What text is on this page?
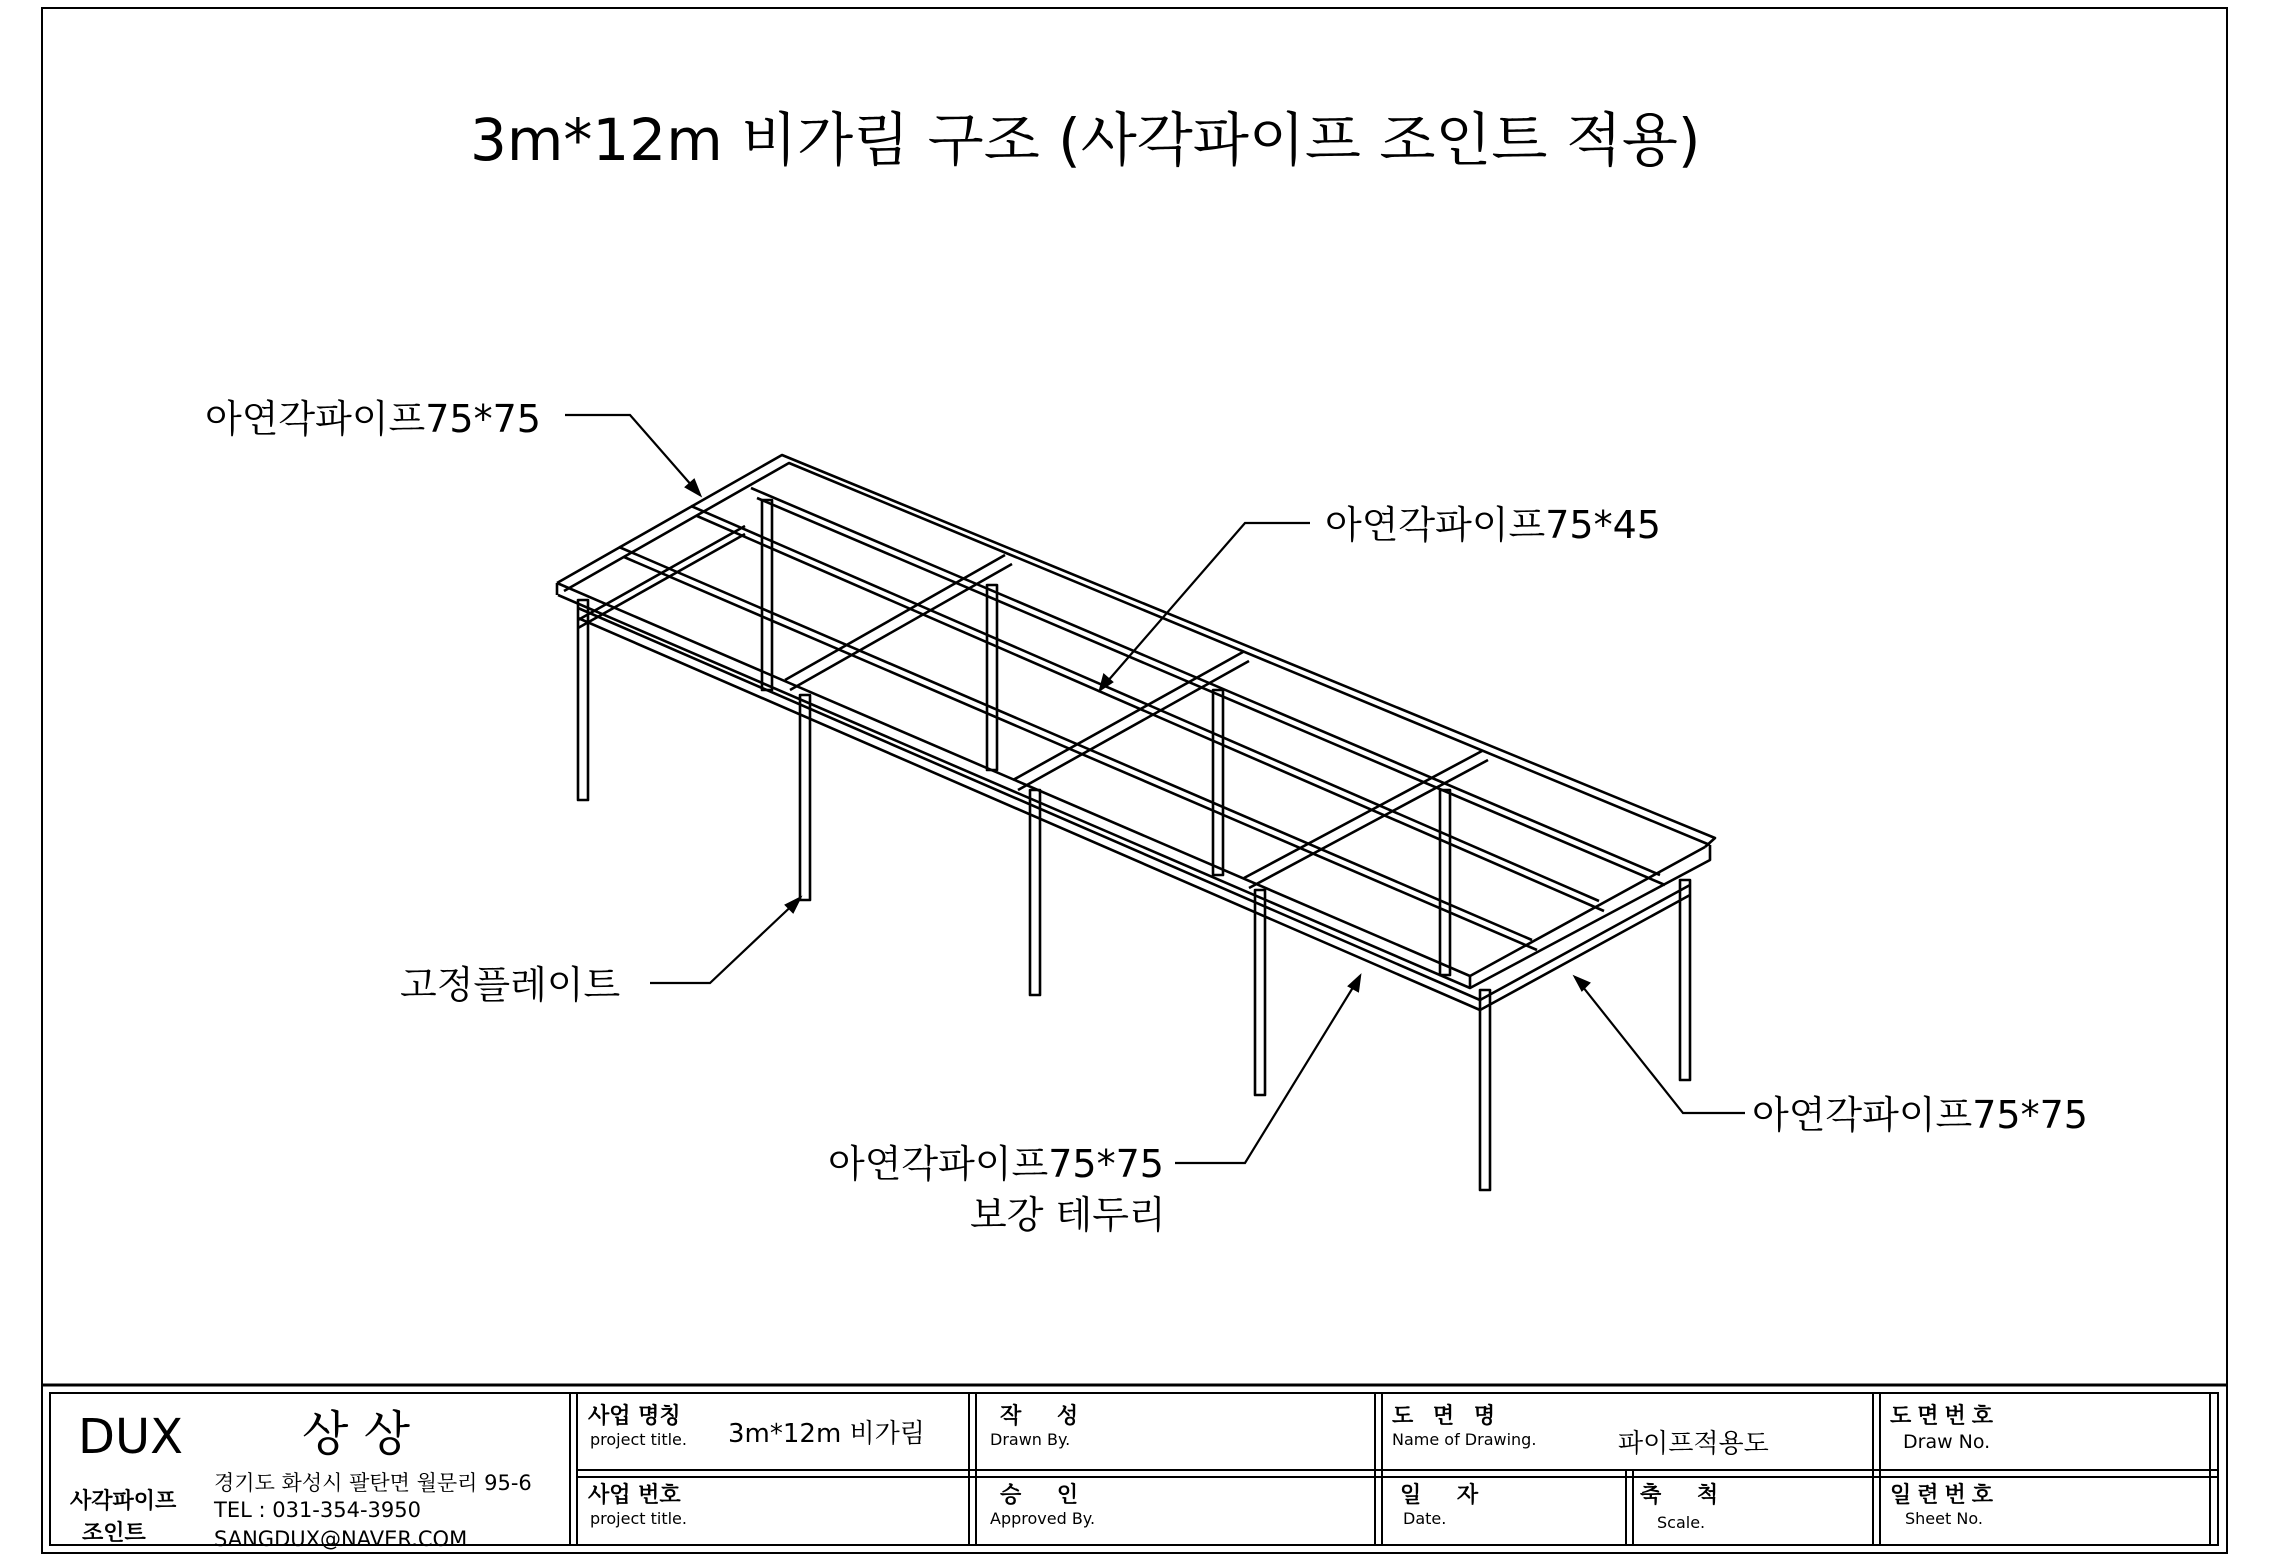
3m*12m 비가림 구조 (사각파이프 조인트 적용)
아연각파이프75*75
아연각파이프75*45
고정플레이트
아연각파이프75*75
보강 테두리
아연각파이프75*75
DUX 상 상
사각파이프
조인트
경기도 화성시 팔탄면 월문리 95-6
TEL : 031-354-3950
SANGDUX@NAVER.COM
사업 명칭
project title. 3m*12m 비가림
사업 번호
project title.
작 성
Drawn By.
승 인
Approved By.
도 면 명
Name of Drawing.	파이프적용도
일 자
Date.
축 척
Scale.
도면번호
Draw No.
일련번호
Sheet No.
